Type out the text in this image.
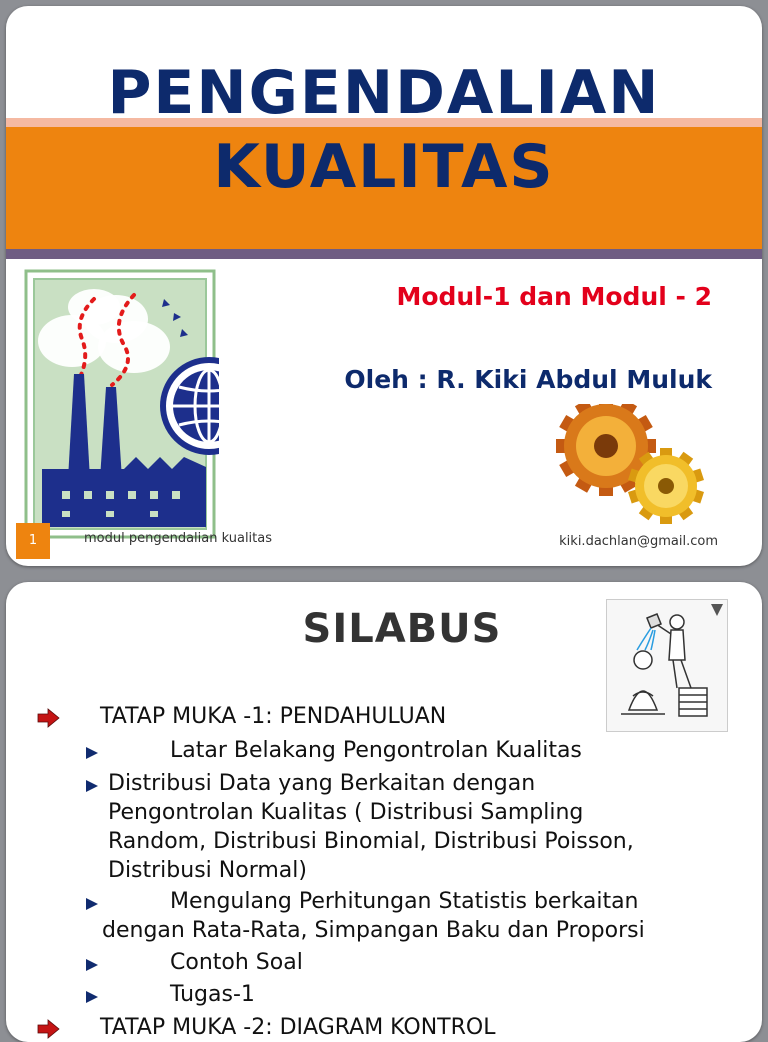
PENGENDALIAN
KUALITAS
Modul-1 dan Modul - 2
Oleh : R. Kiki Abdul Muluk
1	modul pengendalian kualitas	kiki.dachlan@gmail.com
SILABUS
TATAP MUKA -1: PENDAHULUAN
Latar Belakang Pengontrolan Kualitas
Distribusi Data yang Berkaitan dengan
Pengontrolan Kualitas ( Distribusi Sampling
Random, Distribusi Binomial, Distribusi Poisson,
Distribusi Normal)
Mengulang Perhitungan Statistis berkaitan
dengan Rata-Rata, Simpangan Baku dan Proporsi
Contoh Soal
Tugas-1
TATAP MUKA -2: DIAGRAM KONTROL
